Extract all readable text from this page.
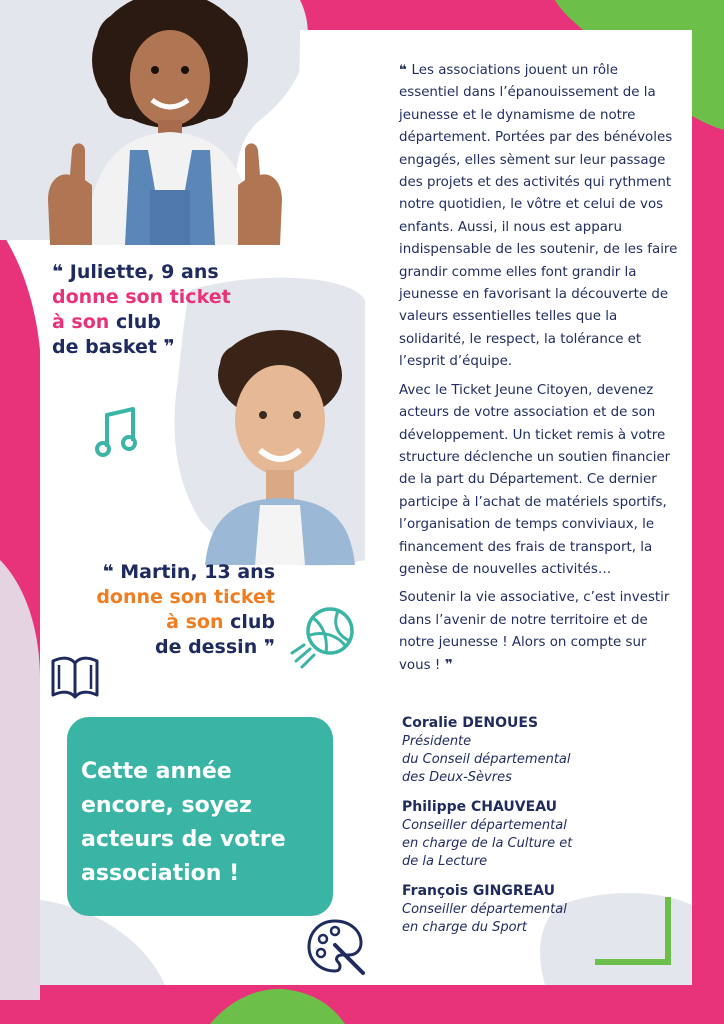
❝ Juliette, 9 ans
donne son ticket
à son club
de basket ❞
❝ Martin, 13 ans
donne son ticket
à son club
de dessin ❞
Cette année encore, soyez acteurs de votre association !

❝ Les associations jouent un rôle essentiel dans l’épanouissement de la jeunesse et le dynamisme de notre département. Portées par des bénévoles engagés, elles sèment sur leur passage des projets et des activités qui rythment notre quotidien, le vôtre et celui de vos enfants. Aussi, il nous est apparu indispensable de les soutenir, de les faire grandir comme elles font grandir la jeunesse en favorisant la découverte de valeurs essentielles telles que la solidarité, le respect, la tolérance et l’esprit d’équipe.

Avec le Ticket Jeune Citoyen, devenez acteurs de votre association et de son développement. Un ticket remis à votre structure déclenche un soutien financier de la part du Département. Ce dernier participe à l’achat de matériels sportifs, l’organisation de temps conviviaux, le financement des frais de transport, la genèse de nouvelles activités…

Soutenir la vie associative, c’est investir dans l’avenir de notre territoire et de notre jeunesse ! Alors on compte sur vous ! ❞

Coralie DENOUES
Présidente
du Conseil départemental
des Deux-Sèvres
Philippe CHAUVEAU
Conseiller départemental
en charge de la Culture et
de la Lecture
François GINGREAU
Conseiller départemental
en charge du Sport
